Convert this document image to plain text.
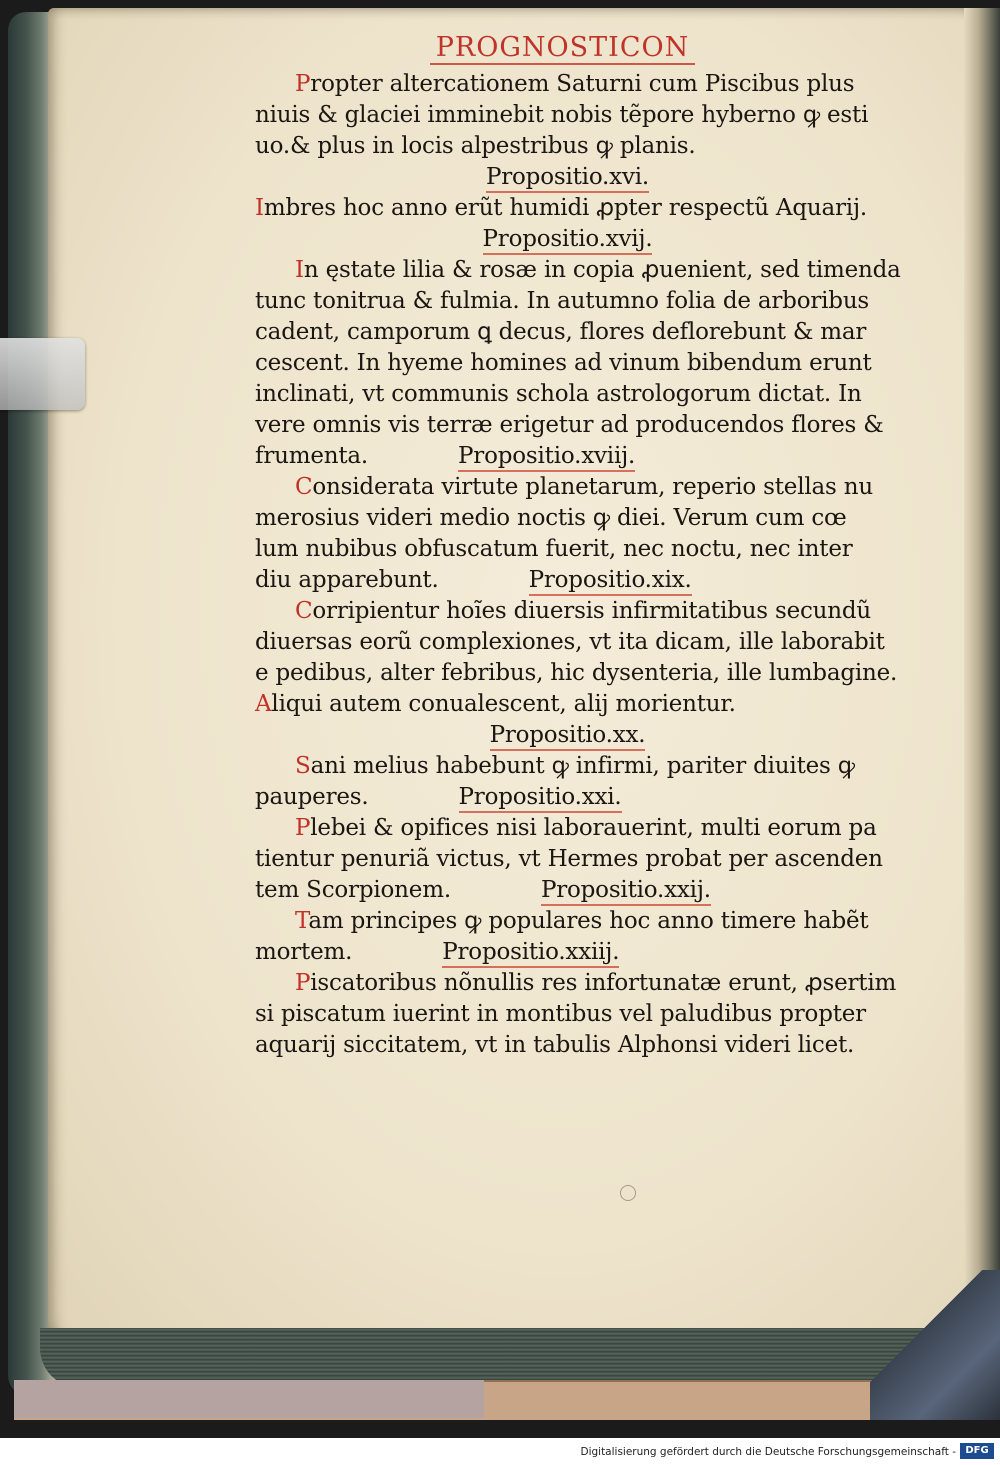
PROGNOSTICON
Propter altercationem Saturni cum Piscibus plus
niuis & glaciei imminebit nobis tẽpore hyberno ꝙ esti
uo.& plus in locis alpestribus ꝙ planis.
Propositio.xvi.
Imbres hoc anno erũt humidi ꝓpter respectũ Aquarij.
Propositio.xvij.
In ęstate lilia & rosæ in copia ꝓuenient, sed timenda
tunc tonitrua & fulmia. In autumno folia de arboribus
cadent, camporum ꝗ decus, flores deflorebunt & mar
cescent. In hyeme homines ad vinum bibendum erunt
inclinati, vt communis schola astrologorum dictat. In
vere omnis vis terræ erigetur ad producendos flores &
frumenta.	Propositio.xviij.
Considerata virtute planetarum, reperio stellas nu
merosius videri medio noctis ꝙ diei. Verum cum cœ
lum nubibus obfuscatum fuerit, nec noctu, nec inter
diu apparebunt.	Propositio.xix.
Corripientur hoĩes diuersis infirmitatibus secundũ
diuersas eorũ complexiones, vt ita dicam, ille laborabit
e pedibus, alter febribus, hic dysenteria, ille lumbagine.
Aliqui autem conualescent, alij morientur.
Propositio.xx.
Sani melius habebunt ꝙ infirmi, pariter diuites ꝙ
pauperes.	Propositio.xxi.
Plebei & opifices nisi laborauerint, multi eorum pa
tientur penuriã victus, vt Hermes probat per ascenden
tem Scorpionem.	Propositio.xxij.
Tam principes ꝙ populares hoc anno timere habẽt
mortem.	Propositio.xxiij.
Piscatoribus nõnullis res infortunatæ erunt, ꝓsertim
si piscatum iuerint in montibus vel paludibus propter
aquarij siccitatem, vt in tabulis Alphonsi videri licet.
Digitalisierung gefördert durch die Deutsche Forschungsgemeinschaft - DFG
